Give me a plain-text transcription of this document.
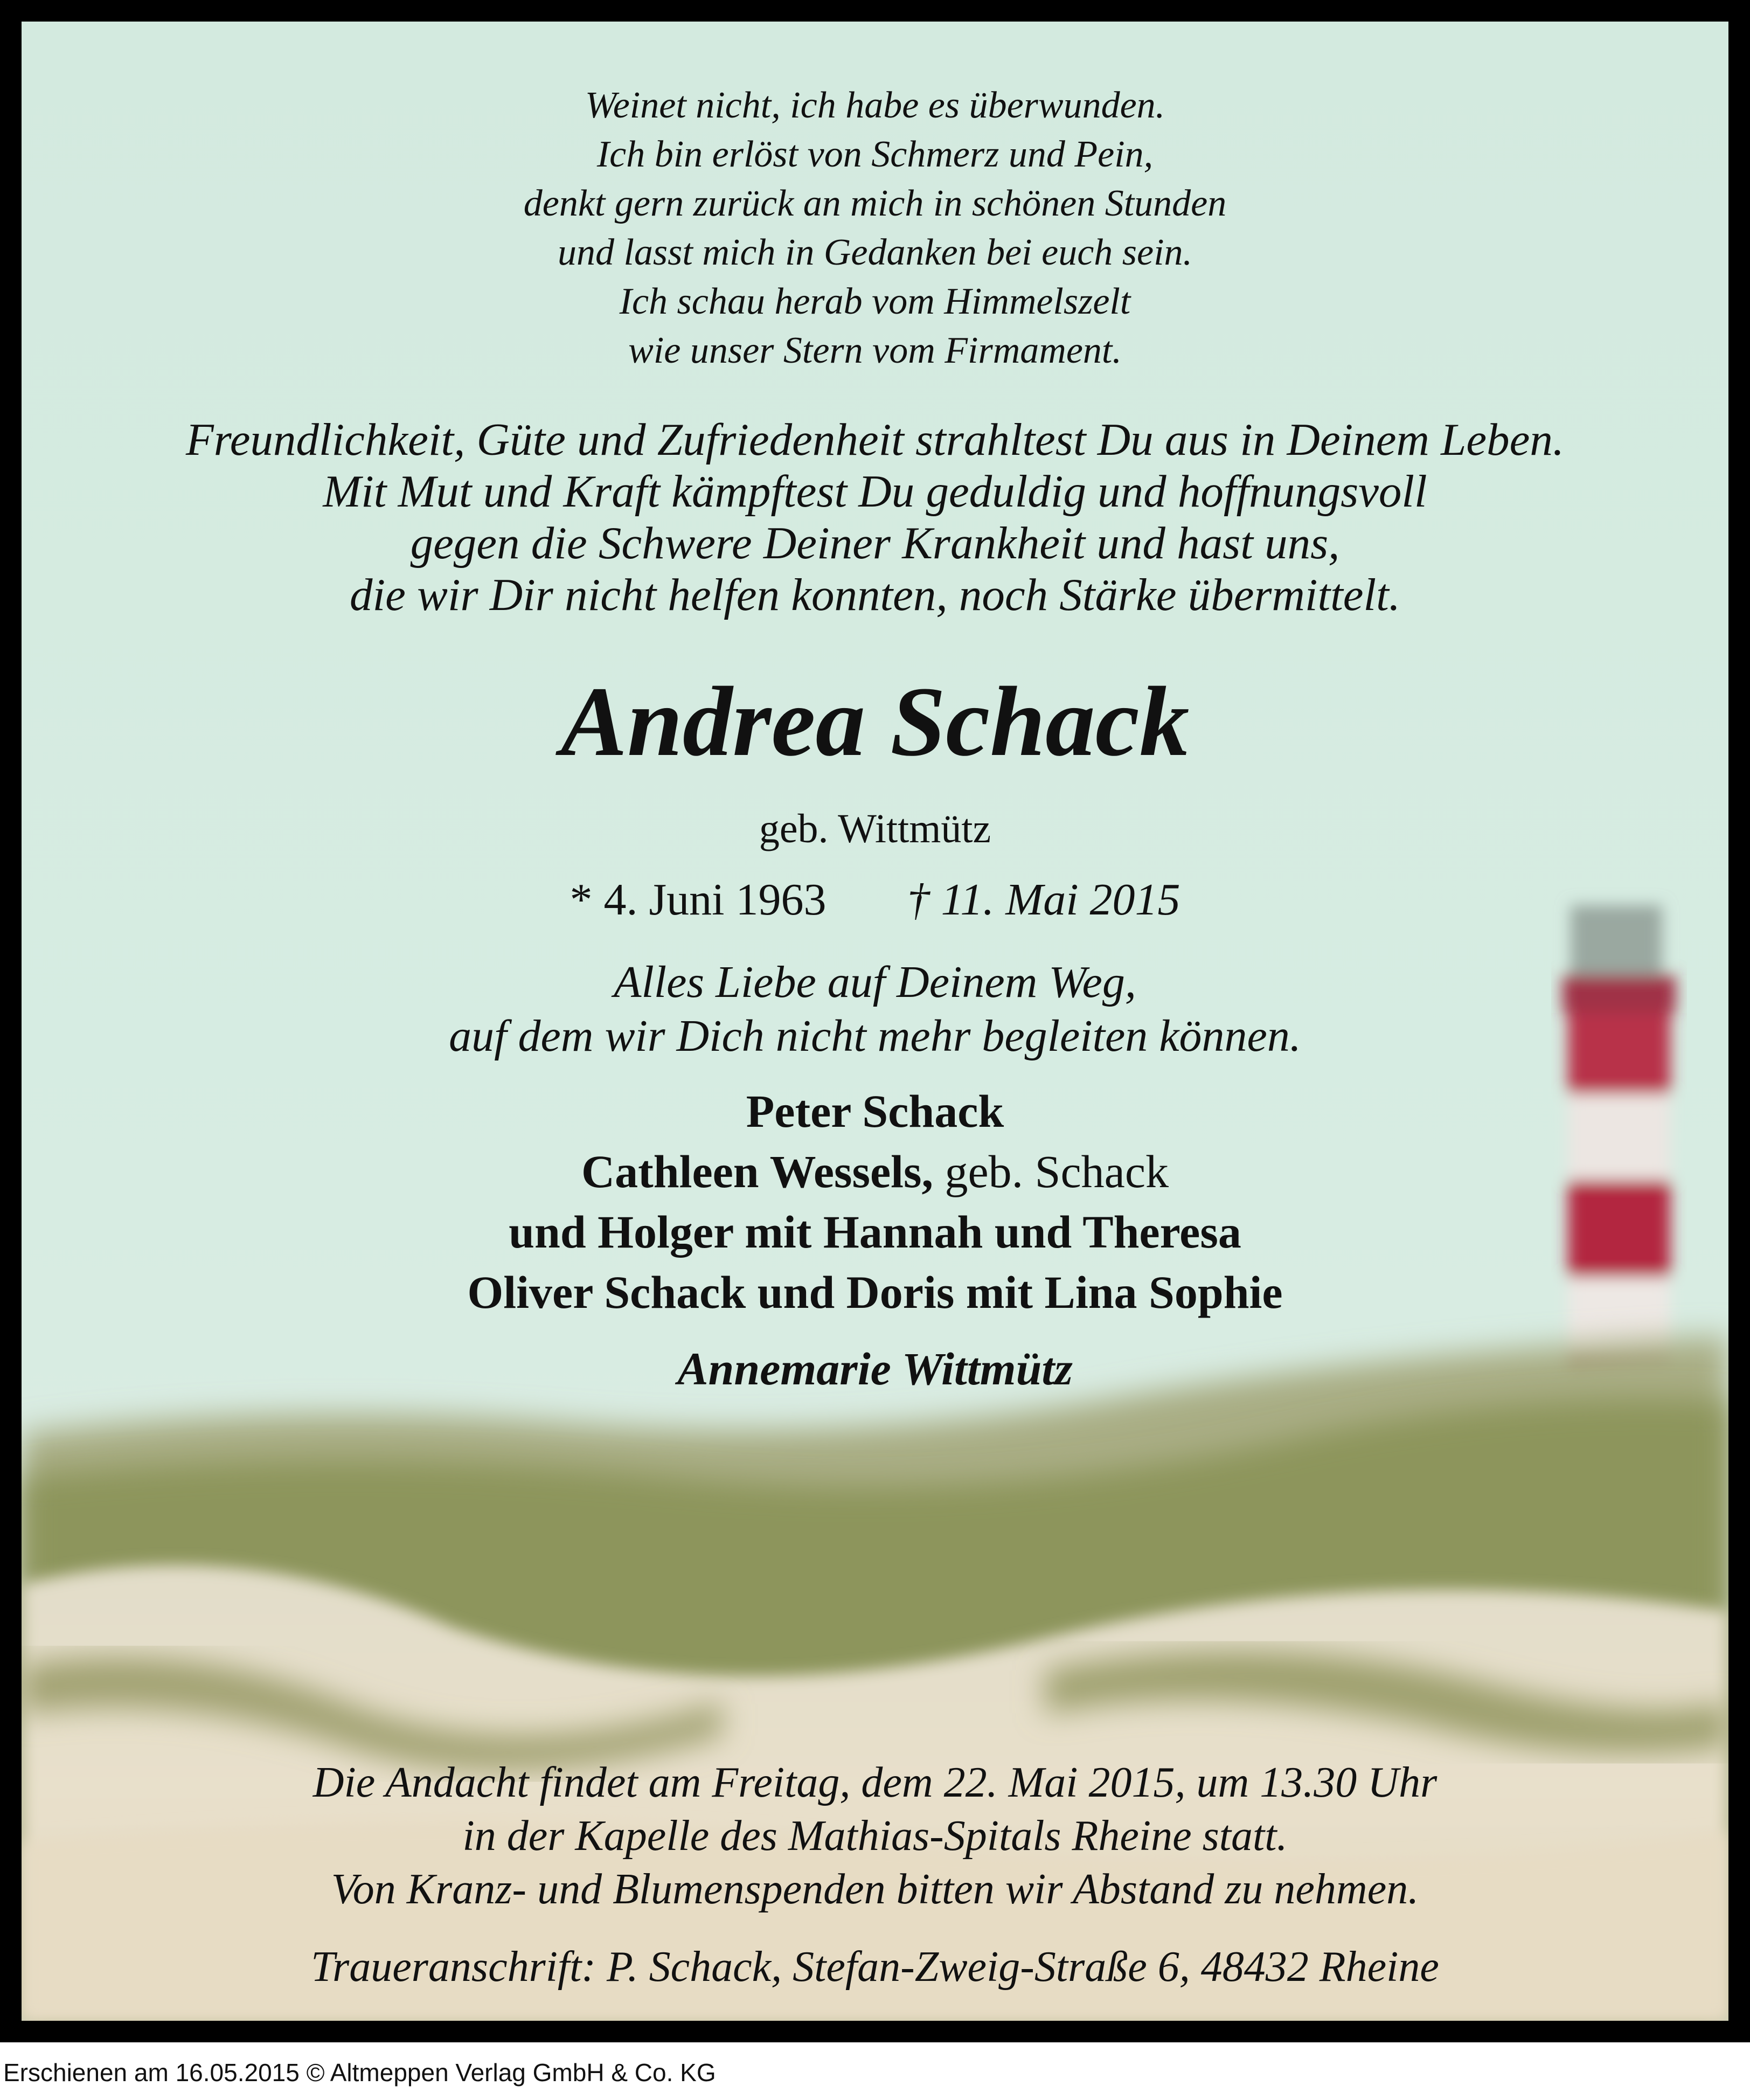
Weinet nicht, ich habe es überwunden.
Ich bin erlöst von Schmerz und Pein,
denkt gern zurück an mich in schönen Stunden
und lasst mich in Gedanken bei euch sein.
Ich schau herab vom Himmelszelt
wie unser Stern vom Firmament.
Freundlichkeit, Güte und Zufriedenheit strahltest Du aus in Deinem Leben.
Mit Mut und Kraft kämpftest Du geduldig und hoffnungsvoll
gegen die Schwere Deiner Krankheit und hast uns,
die wir Dir nicht helfen konnten, noch Stärke übermittelt.
Andrea Schack
geb. Wittmütz
* 4. Juni 1963 † 11. Mai 2015
Alles Liebe auf Deinem Weg,
auf dem wir Dich nicht mehr begleiten können.
Peter Schack
Cathleen Wessels, geb. Schack
und Holger mit Hannah und Theresa
Oliver Schack und Doris mit Lina Sophie
Annemarie Wittmütz
Die Andacht findet am Freitag, dem 22. Mai 2015, um 13.30 Uhr
in der Kapelle des Mathias-Spitals Rheine statt.
Von Kranz- und Blumenspenden bitten wir Abstand zu nehmen.
Traueranschrift: P. Schack, Stefan-Zweig-Straße 6, 48432 Rheine
Erschienen am 16.05.2015 © Altmeppen Verlag GmbH & Co. KG
